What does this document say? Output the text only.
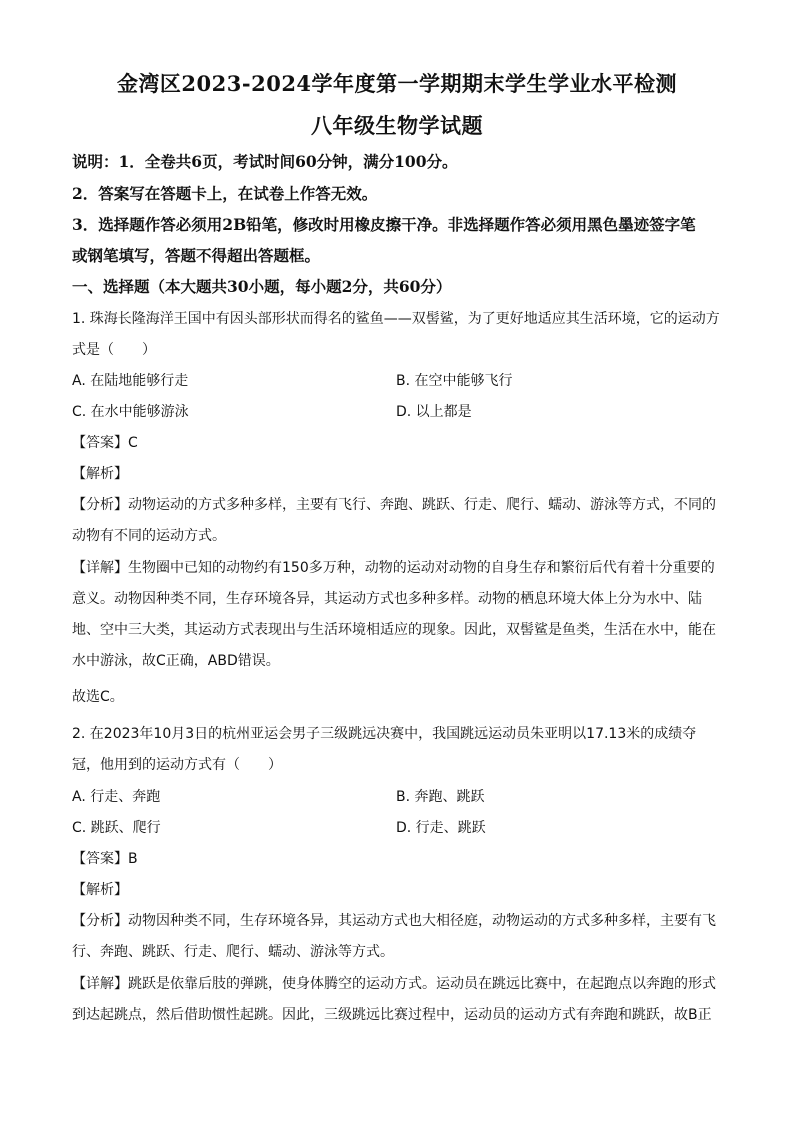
金湾区2023-2024学年度第一学期期末学生学业水平检测
八年级生物学试题
说明：1．全卷共6页，考试时间60分钟，满分100分。
2．答案写在答题卡上，在试卷上作答无效。
3．选择题作答必须用2B铅笔，修改时用橡皮擦干净。非选择题作答必须用黑色墨迹签字笔
或钢笔填写，答题不得超出答题框。
一、选择题（本大题共30小题，每小题2分，共60分）
1. 珠海长隆海洋王国中有因头部形状而得名的鲨鱼——双髻鲨，为了更好地适应其生活环境，它的运动方
式是（　　）
A. 在陆地能够行走	B. 在空中能够飞行
C. 在水中能够游泳	D. 以上都是
【答案】C
【解析】
【分析】动物运动的方式多种多样，主要有飞行、奔跑、跳跃、行走、爬行、蠕动、游泳等方式，不同的
动物有不同的运动方式。
【详解】生物圈中已知的动物约有150多万种，动物的运动对动物的自身生存和繁衍后代有着十分重要的
意义。动物因种类不同，生存环境各异，其运动方式也多种多样。动物的栖息环境大体上分为水中、陆
地、空中三大类，其运动方式表现出与生活环境相适应的现象。因此，双髻鲨是鱼类，生活在水中，能在
水中游泳，故C正确，ABD错误。
故选C。
2. 在2023年10月3日的杭州亚运会男子三级跳远决赛中，我国跳远运动员朱亚明以17.13米的成绩夺
冠，他用到的运动方式有（　　）
A. 行走、奔跑	B. 奔跑、跳跃
C. 跳跃、爬行	D. 行走、跳跃
【答案】B
【解析】
【分析】动物因种类不同，生存环境各异，其运动方式也大相径庭，动物运动的方式多种多样，主要有飞
行、奔跑、跳跃、行走、爬行、蠕动、游泳等方式。
【详解】跳跃是依靠后肢的弹跳，使身体腾空的运动方式。运动员在跳远比赛中，在起跑点以奔跑的形式
到达起跳点，然后借助惯性起跳。因此，三级跳远比赛过程中，运动员的运动方式有奔跑和跳跃，故B正
